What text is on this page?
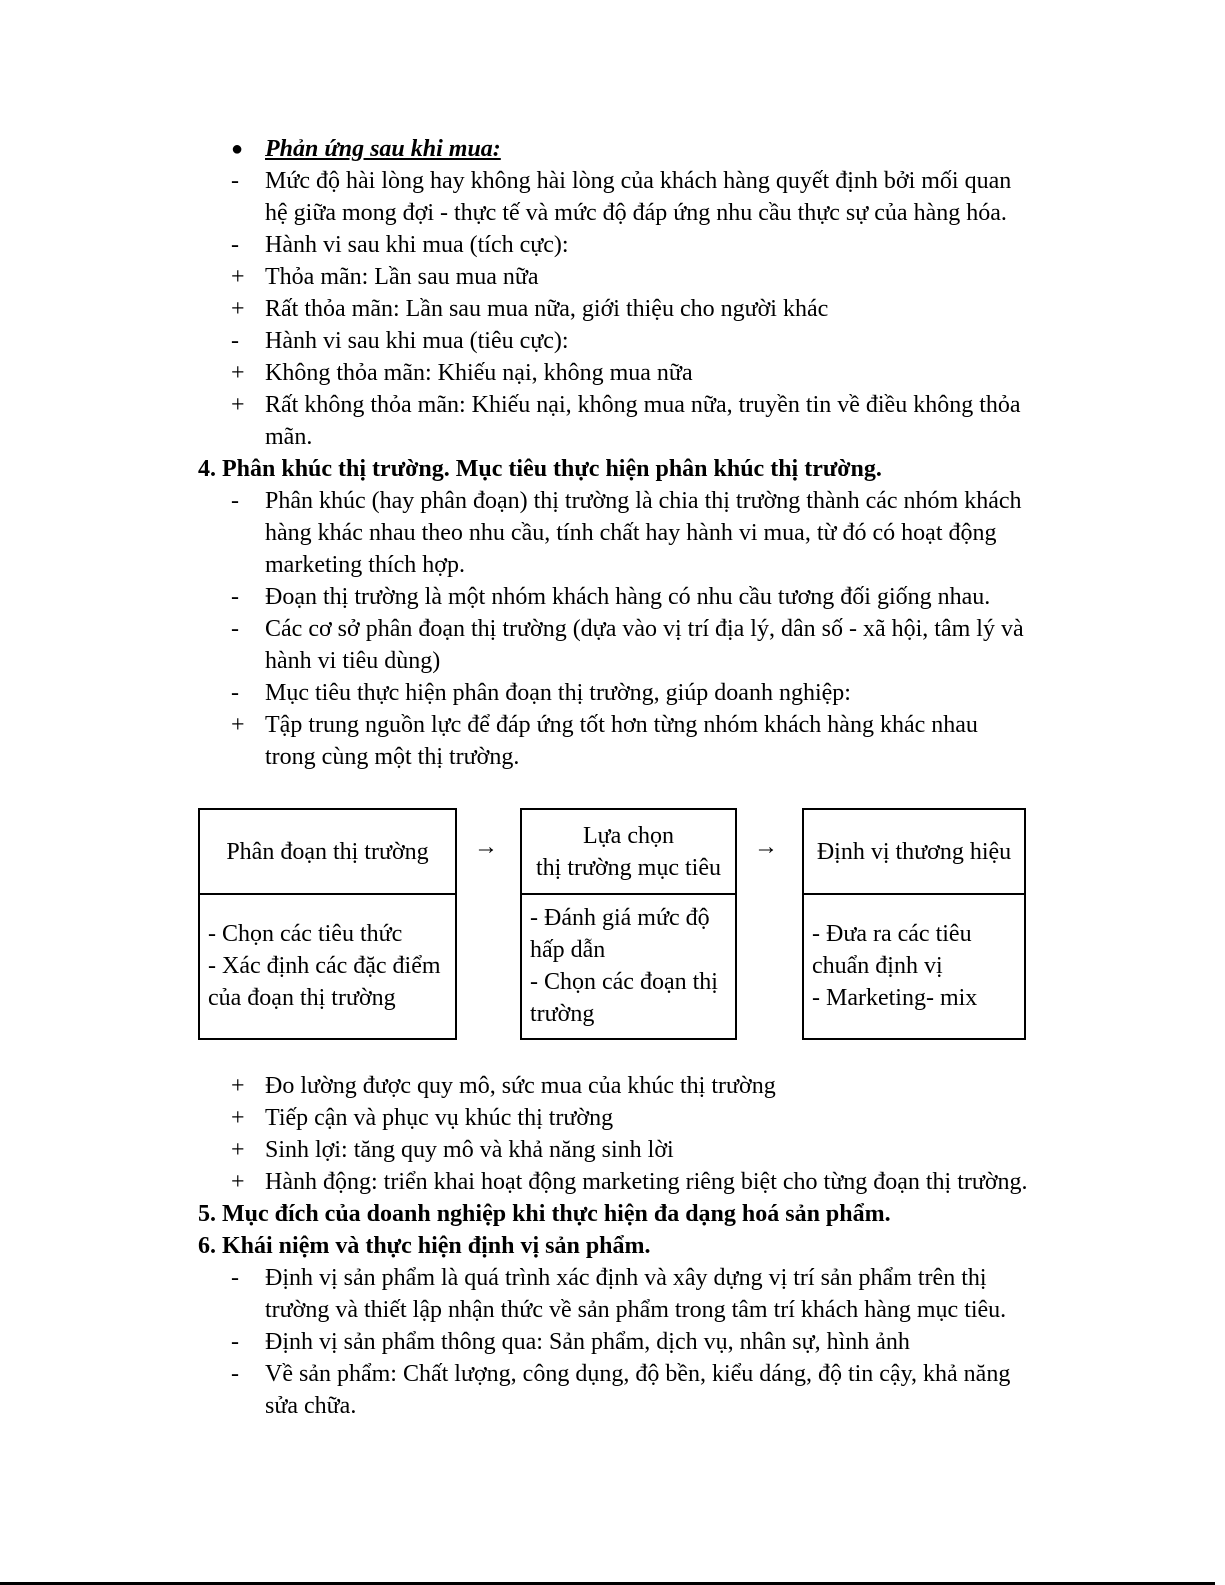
● Phản ứng sau khi mua:
-	Mức độ hài lòng hay không hài lòng của khách hàng quyết định bởi mối quan
hệ giữa mong đợi - thực tế và mức độ đáp ứng nhu cầu thực sự của hàng hóa.
-	Hành vi sau khi mua (tích cực):
+ Thỏa mãn: Lần sau mua nữa
+ Rất thỏa mãn: Lần sau mua nữa, giới thiệu cho người khác
-	Hành vi sau khi mua (tiêu cực):
+ Không thỏa mãn: Khiếu nại, không mua nữa
+ Rất không thỏa mãn: Khiếu nại, không mua nữa, truyền tin về điều không thỏa
mãn.
4. Phân khúc thị trường. Mục tiêu thực hiện phân khúc thị trường.
-	Phân khúc (hay phân đoạn) thị trường là chia thị trường thành các nhóm khách
hàng khác nhau theo nhu cầu, tính chất hay hành vi mua, từ đó có hoạt động
marketing thích hợp.
-	Đoạn thị trường là một nhóm khách hàng có nhu cầu tương đối giống nhau.
-	Các cơ sở phân đoạn thị trường (dựa vào vị trí địa lý, dân số - xã hội, tâm lý và
hành vi tiêu dùng)
-	Mục tiêu thực hiện phân đoạn thị trường, giúp doanh nghiệp:
+ Tập trung nguồn lực để đáp ứng tốt hơn từng nhóm khách hàng khác nhau
trong cùng một thị trường.
Phân đoạn thị trường
- Chọn các tiêu thức
- Xác định các đặc điểm
của đoạn thị trường
→	Lựa chọn
thị trường mục tiêu
- Đánh giá mức độ
hấp dẫn
- Chọn các đoạn thị
trường
→ Định vị thương hiệu
- Đưa ra các tiêu
chuẩn định vị
- Marketing- mix
+ Đo lường được quy mô, sức mua của khúc thị trường
+ Tiếp cận và phục vụ khúc thị trường
+ Sinh lợi: tăng quy mô và khả năng sinh lời
+ Hành động: triển khai hoạt động marketing riêng biệt cho từng đoạn thị trường.
5. Mục đích của doanh nghiệp khi thực hiện đa dạng hoá sản phẩm.
6. Khái niệm và thực hiện định vị sản phẩm.
-	Định vị sản phẩm là quá trình xác định và xây dựng vị trí sản phẩm trên thị
trường và thiết lập nhận thức về sản phẩm trong tâm trí khách hàng mục tiêu.
-	Định vị sản phẩm thông qua: Sản phẩm, dịch vụ, nhân sự, hình ảnh
-	Về sản phẩm: Chất lượng, công dụng, độ bền, kiểu dáng, độ tin cậy, khả năng
sửa chữa.
